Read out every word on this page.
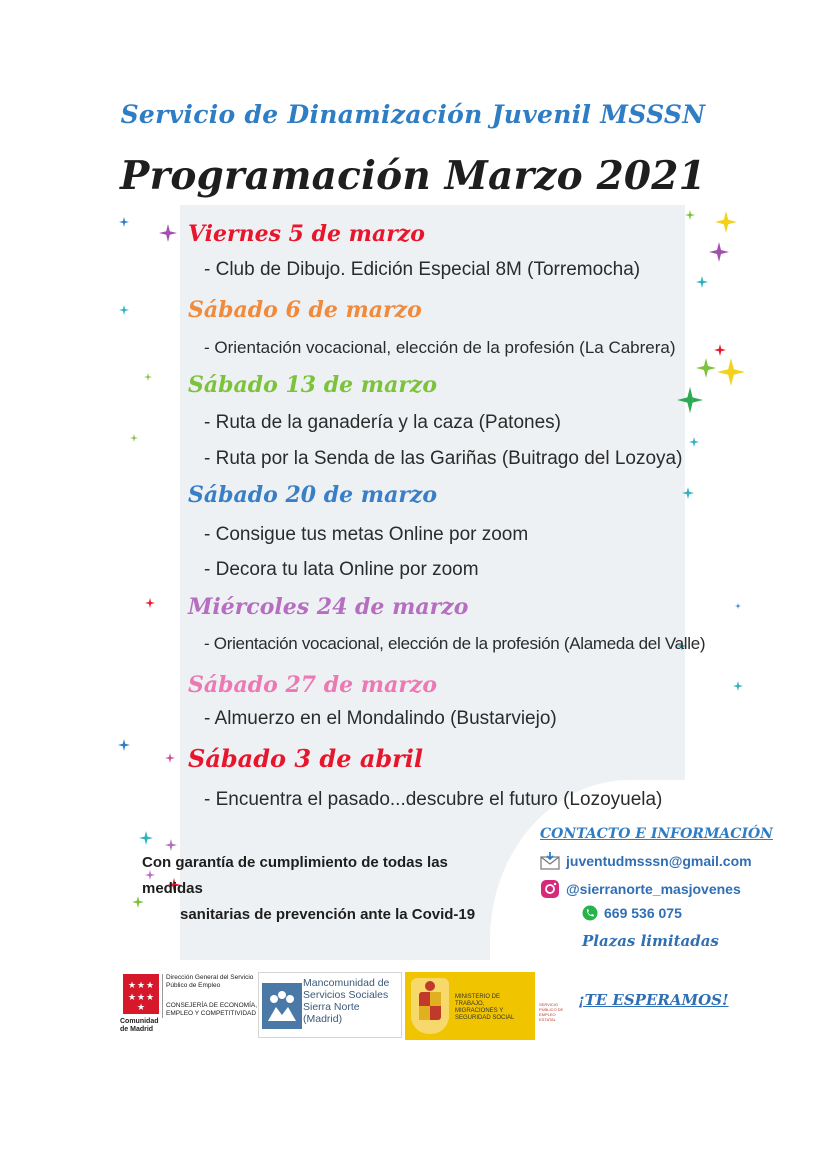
Servicio de Dinamización Juvenil MSSSN
Programación Marzo 2021
Viernes 5 de marzo
- Club de Dibujo. Edición Especial 8M (Torremocha)
Sábado 6 de marzo
- Orientación vocacional, elección de la profesión (La Cabrera)
Sábado 13 de marzo
- Ruta de la ganadería y la caza (Patones)
- Ruta por la Senda de las Gariñas (Buitrago del Lozoya)
Sábado 20 de marzo
- Consigue tus metas Online por zoom
- Decora tu lata Online por zoom
Miércoles 24 de marzo
- Orientación vocacional, elección de la profesión (Alameda del Valle)
Sábado 27 de marzo
- Almuerzo en el Mondalindo (Bustarviejo)
Sábado 3 de abril
- Encuentra el pasado...descubre el futuro (Lozoyuela)
Con garantía de cumplimiento de todas las medidas
sanitarias de prevención ante la Covid-19
CONTACTO E INFORMACIÓN
juventudmsssn@gmail.com
@sierranorte_masjovenes
669 536 075
Plazas limitadas
¡TE ESPERAMOS!
★ ★ ★
★ ★ ★
★
Comunidad de Madrid
Dirección General del Servicio Público de Empleo
CONSEJERÍA DE ECONOMÍA, EMPLEO Y COMPETITIVIDAD
Mancomunidad de Servicios Sociales Sierra Norte (Madrid)
MINISTERIO DE TRABAJO, MIGRACIONES Y SEGURIDAD SOCIAL
SERVICIO PÚBLICO DE EMPLEO ESTATAL
